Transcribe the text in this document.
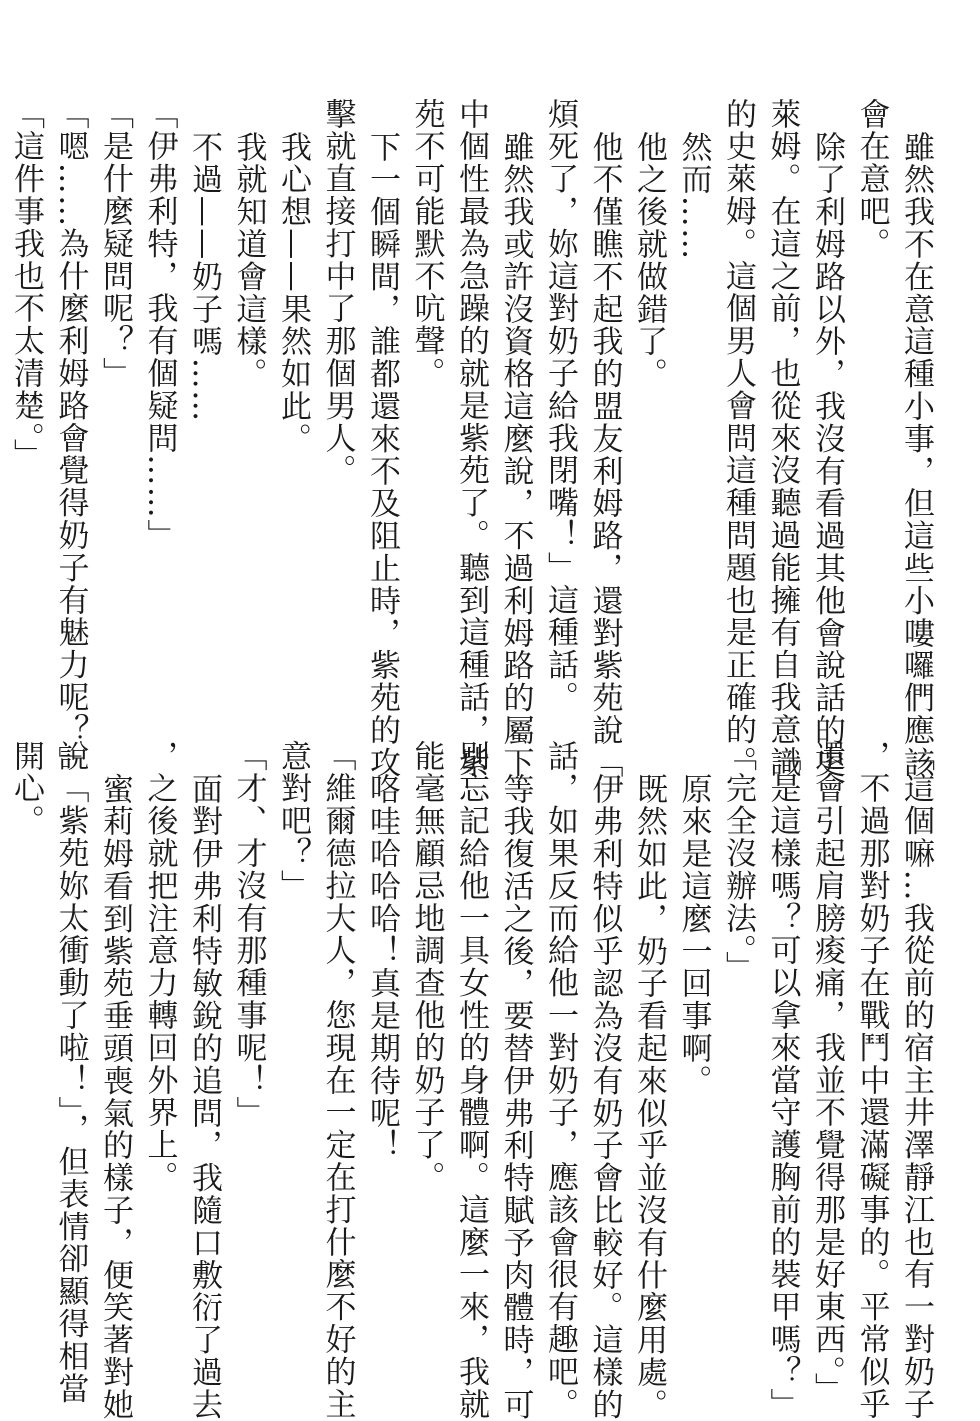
雖然我不在意這種小事，但這些小嘍囉們應該
會在意吧。
除了利姆路以外，我沒有看過其他會說話的史
萊姆。在這之前，也從來沒聽過能擁有自我意識
的史萊姆。這個男人會問這種問題也是正確的。
然而……
他之後就做錯了。
他不僅瞧不起我的盟友利姆路，還對紫苑說「
煩死了，妳這對奶子給我閉嘴！」這種話。
雖然我或許沒資格這麼說，不過利姆路的屬下
中個性最為急躁的就是紫苑了。聽到這種話，紫
苑不可能默不吭聲。
下一個瞬間，誰都還來不及阻止時，紫苑的攻
擊就直接打中了那個男人。
我心想——果然如此。
我就知道會這樣。
不過——奶子嗎……
「伊弗利特，我有個疑問……」
「是什麼疑問呢？」
「嗯……為什麼利姆路會覺得奶子有魅力呢？」
「這件事我也不太清楚。」
「這個嘛…我從前的宿主井澤靜江也有一對奶子
，不過那對奶子在戰鬥中還滿礙事的。平常似乎
還會引起肩膀痠痛，我並不覺得那是好東西。」
「是這樣嗎？可以拿來當守護胸前的裝甲嗎？」
「完全沒辦法。」
原來是這麼一回事啊。
既然如此，奶子看起來似乎並沒有什麼用處。
伊弗利特似乎認為沒有奶子會比較好。這樣的
話，如果反而給他一對奶子，應該會很有趣吧。
等我復活之後，要替伊弗利特賦予肉體時，可
別忘記給他一具女性的身體啊。這麼一來，我就
能毫無顧忌地調查他的奶子了。
咯哇哈哈哈！真是期待呢！
「維爾德拉大人，您現在一定在打什麼不好的主
意對吧？」
「才、才沒有那種事呢！」
面對伊弗利特敏銳的追問，我隨口敷衍了過去
，之後就把注意力轉回外界上。
蜜莉姆看到紫苑垂頭喪氣的樣子，便笑著對她
說「紫苑妳太衝動了啦！」，但表情卻顯得相當
開心。
